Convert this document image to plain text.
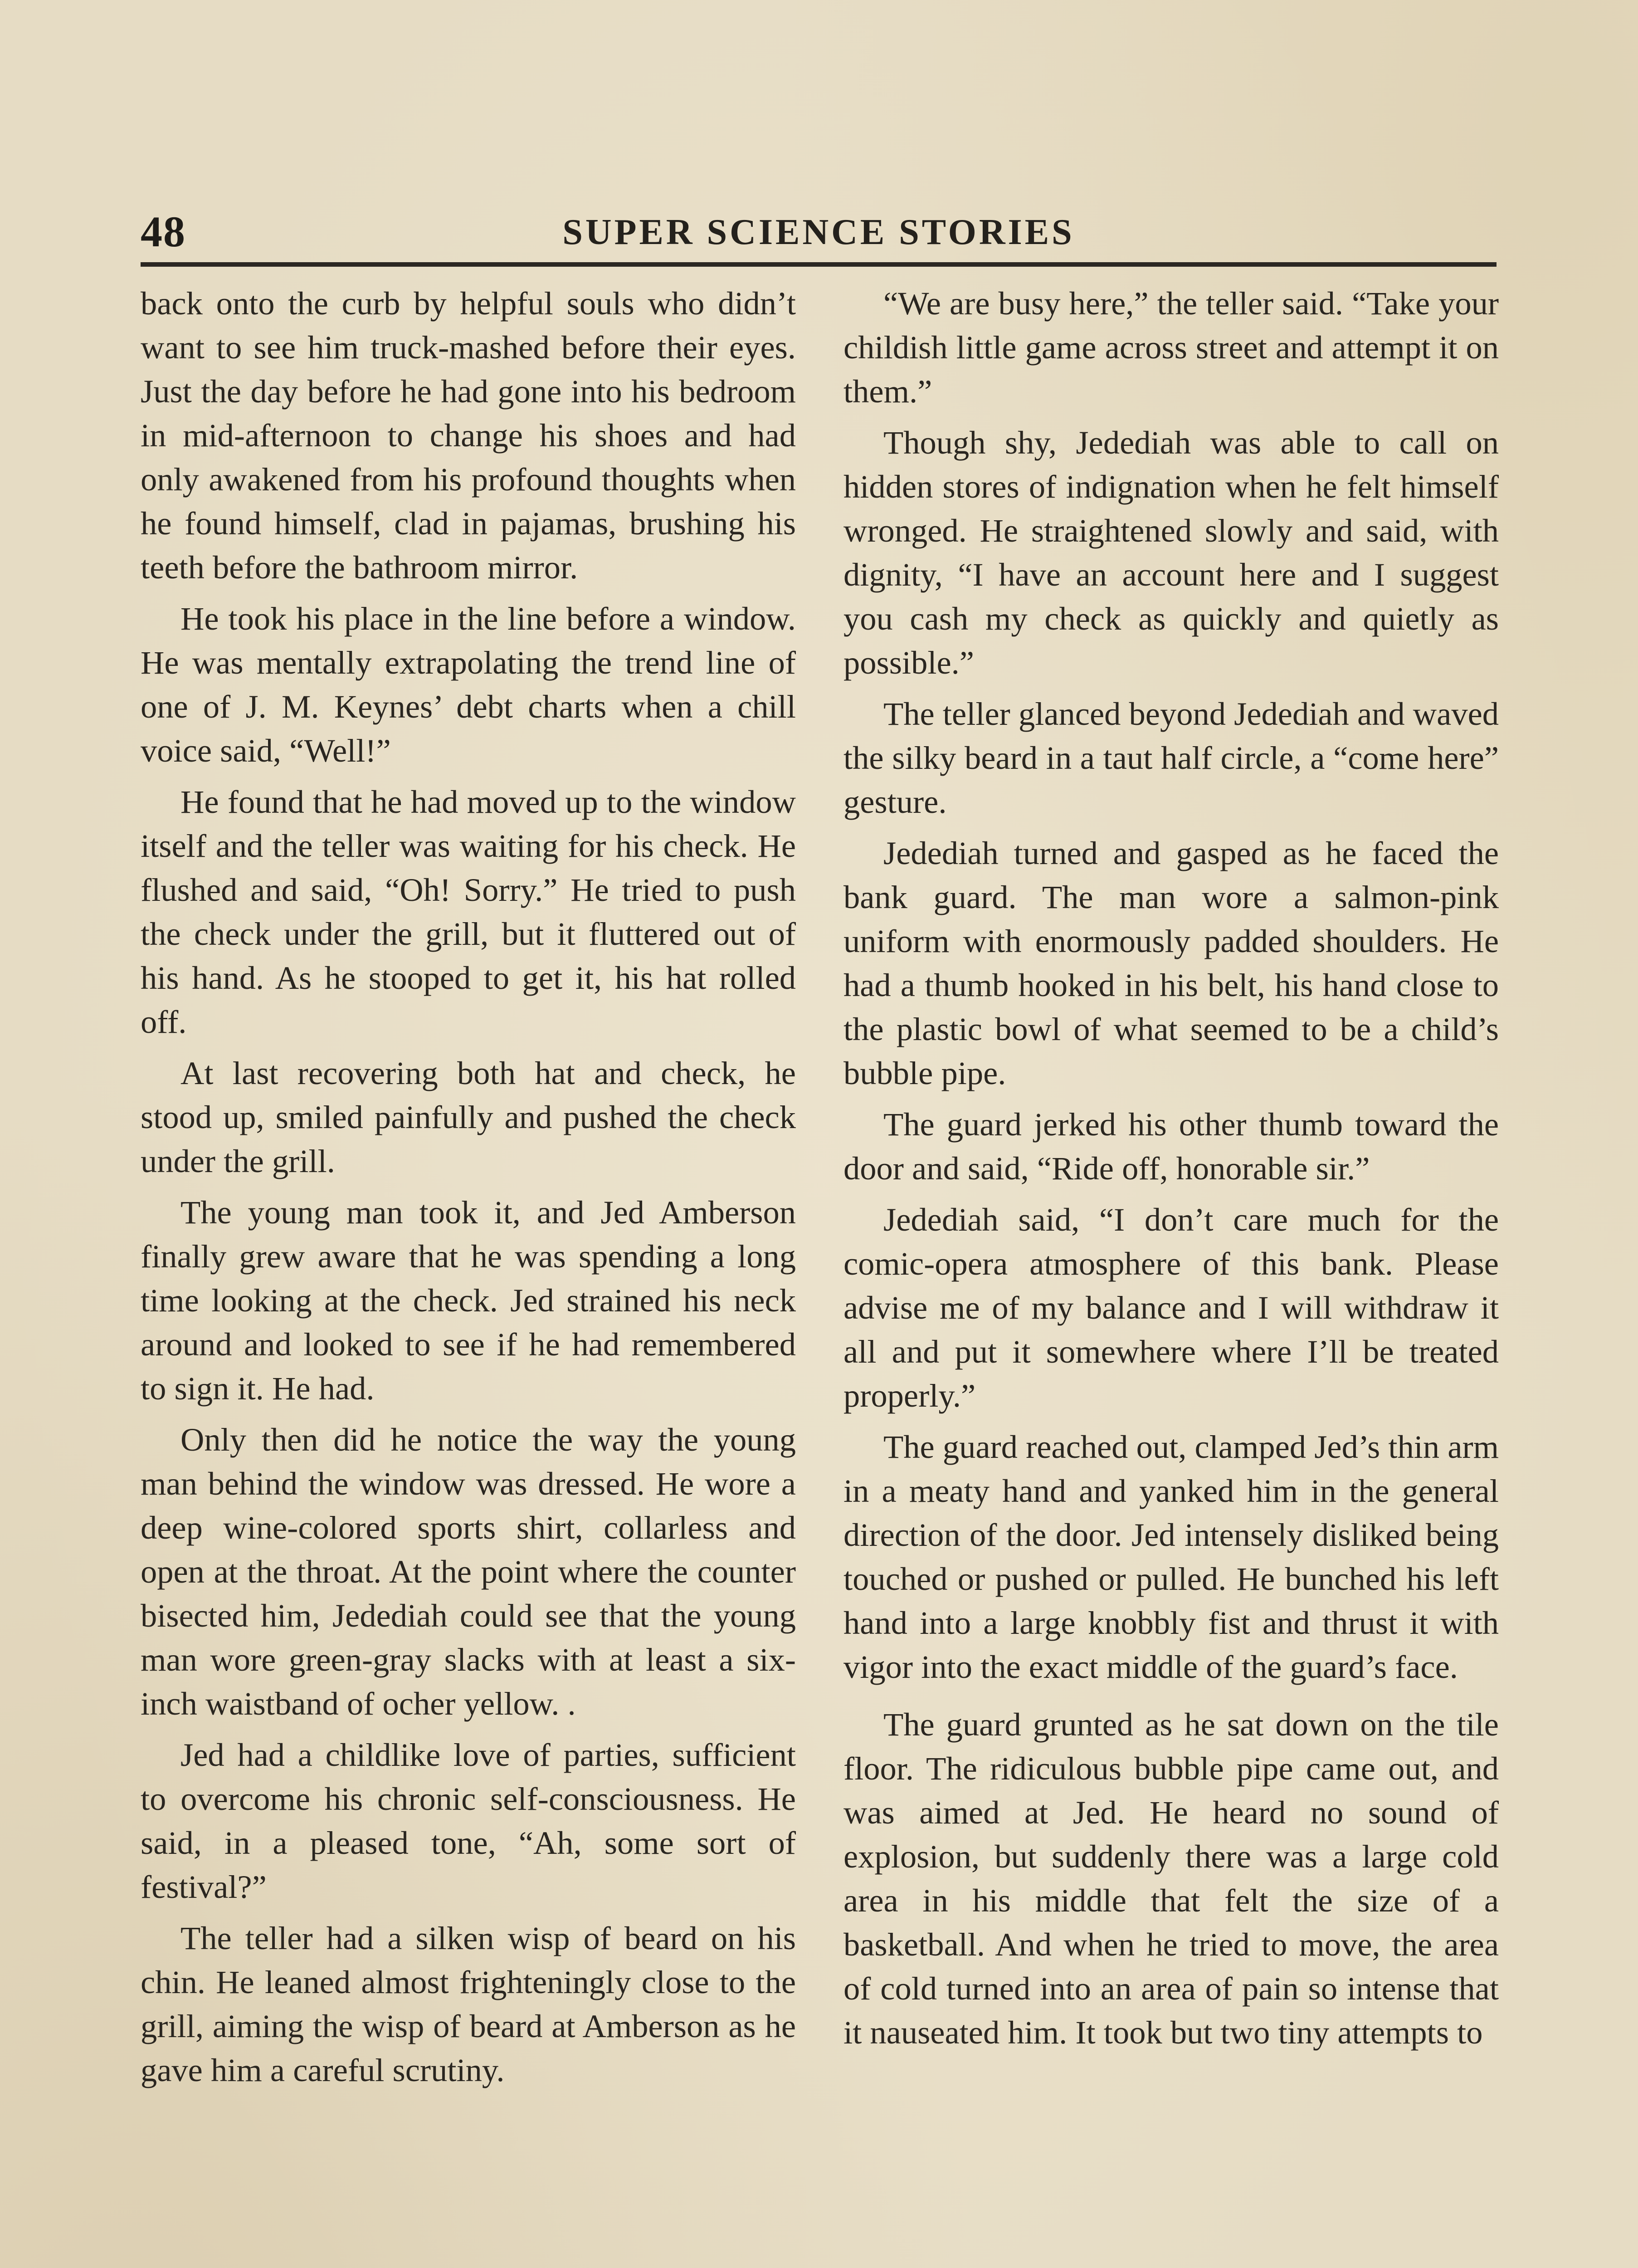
48	SUPER SCIENCE STORIES

back onto the curb by helpful souls who didn’t want to see him truck-mashed before their eyes. Just the day before he had gone into his bedroom in mid-afternoon to change his shoes and had only awakened from his profound thoughts when he found himself, clad in pajamas, brushing his teeth before the bathroom mirror.

He took his place in the line before a window. He was mentally extrapolating the trend line of one of J. M. Keynes’ debt charts when a chill voice said, “Well!”

He found that he had moved up to the window itself and the teller was waiting for his check. He flushed and said, “Oh! Sorry.” He tried to push the check under the grill, but it fluttered out of his hand. As he stooped to get it, his hat rolled off.

At last recovering both hat and check, he stood up, smiled painfully and pushed the check under the grill.

The young man took it, and Jed Amberson finally grew aware that he was spending a long time looking at the check. Jed strained his neck around and looked to see if he had remembered to sign it. He had.

Only then did he notice the way the young man behind the window was dressed. He wore a deep wine-colored sports shirt, collarless and open at the throat. At the point where the counter bisected him, Jedediah could see that the young man wore green-gray slacks with at least a six-inch waistband of ocher yellow. .

Jed had a childlike love of parties, sufficient to overcome his chronic self-consciousness. He said, in a pleased tone, “Ah, some sort of festival?”

The teller had a silken wisp of beard on his chin. He leaned almost frighteningly close to the grill, aiming the wisp of beard at Amberson as he gave him a careful scrutiny.

“We are busy here,” the teller said. “Take your childish little game across street and attempt it on them.”

Though shy, Jedediah was able to call on hidden stores of indignation when he felt himself wronged. He straightened slowly and said, with dignity, “I have an account here and I suggest you cash my check as quickly and quietly as possible.”

The teller glanced beyond Jedediah and waved the silky beard in a taut half circle, a “come here” gesture.

Jedediah turned and gasped as he faced the bank guard. The man wore a salmon-pink uniform with enormously padded shoulders. He had a thumb hooked in his belt, his hand close to the plastic bowl of what seemed to be a child’s bubble pipe.

The guard jerked his other thumb toward the door and said, “Ride off, honorable sir.”

Jedediah said, “I don’t care much for the comic-opera atmosphere of this bank. Please advise me of my balance and I will withdraw it all and put it somewhere where I’ll be treated properly.”

The guard reached out, clamped Jed’s thin arm in a meaty hand and yanked him in the general direction of the door. Jed intensely disliked being touched or pushed or pulled. He bunched his left hand into a large knobbly fist and thrust it with vigor into the exact middle of the guard’s face.

The guard grunted as he sat down on the tile floor. The ridiculous bubble pipe came out, and was aimed at Jed. He heard no sound of explosion, but suddenly there was a large cold area in his middle that felt the size of a basketball. And when he tried to move, the area of cold turned into an area of pain so intense that it nauseated him. It took but two tiny attempts to
